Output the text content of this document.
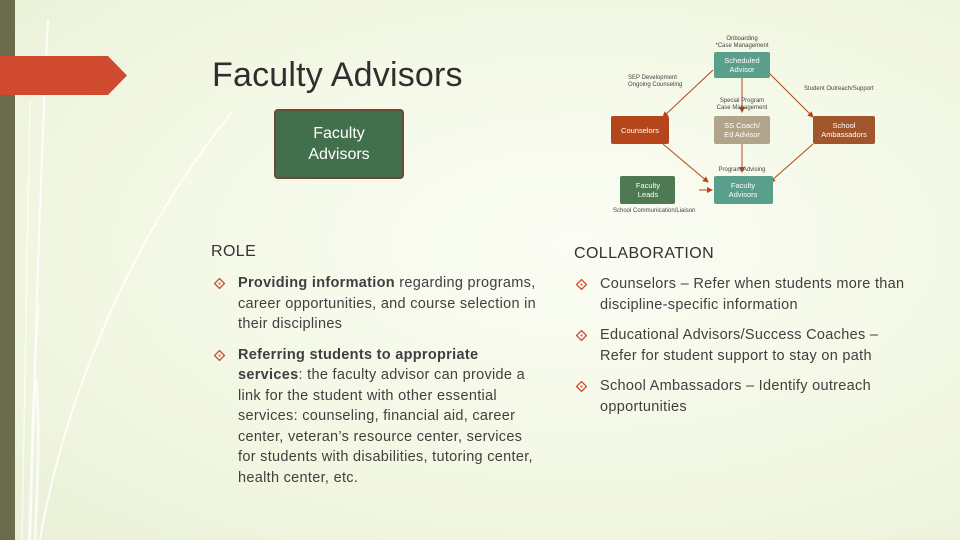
Faculty Advisors
Faculty Advisors
Scheduled
Advisor
Counselors
SS Coach/
Ed Advisor
School
Ambassadors
Faculty
Leads
Faculty
Advisors
Onboarding
*Case Management
SEP Development
Ongoing Counseling
Student Outreach/Support
Special Program
Case Management
Program Advising
School Communication/Liaison
ROLE
Providing information regarding programs, career opportunities, and course selection in their disciplines
Referring students to appropriate services: the faculty advisor can provide a link for the student with other essential services: counseling, financial aid, career center, veteran’s resource center, services for students with disabilities, tutoring center, health center, etc.
COLLABORATION
Counselors – Refer when students more than discipline-specific information
Educational Advisors/Success Coaches – Refer for student support to stay on path
School Ambassadors – Identify outreach opportunities
